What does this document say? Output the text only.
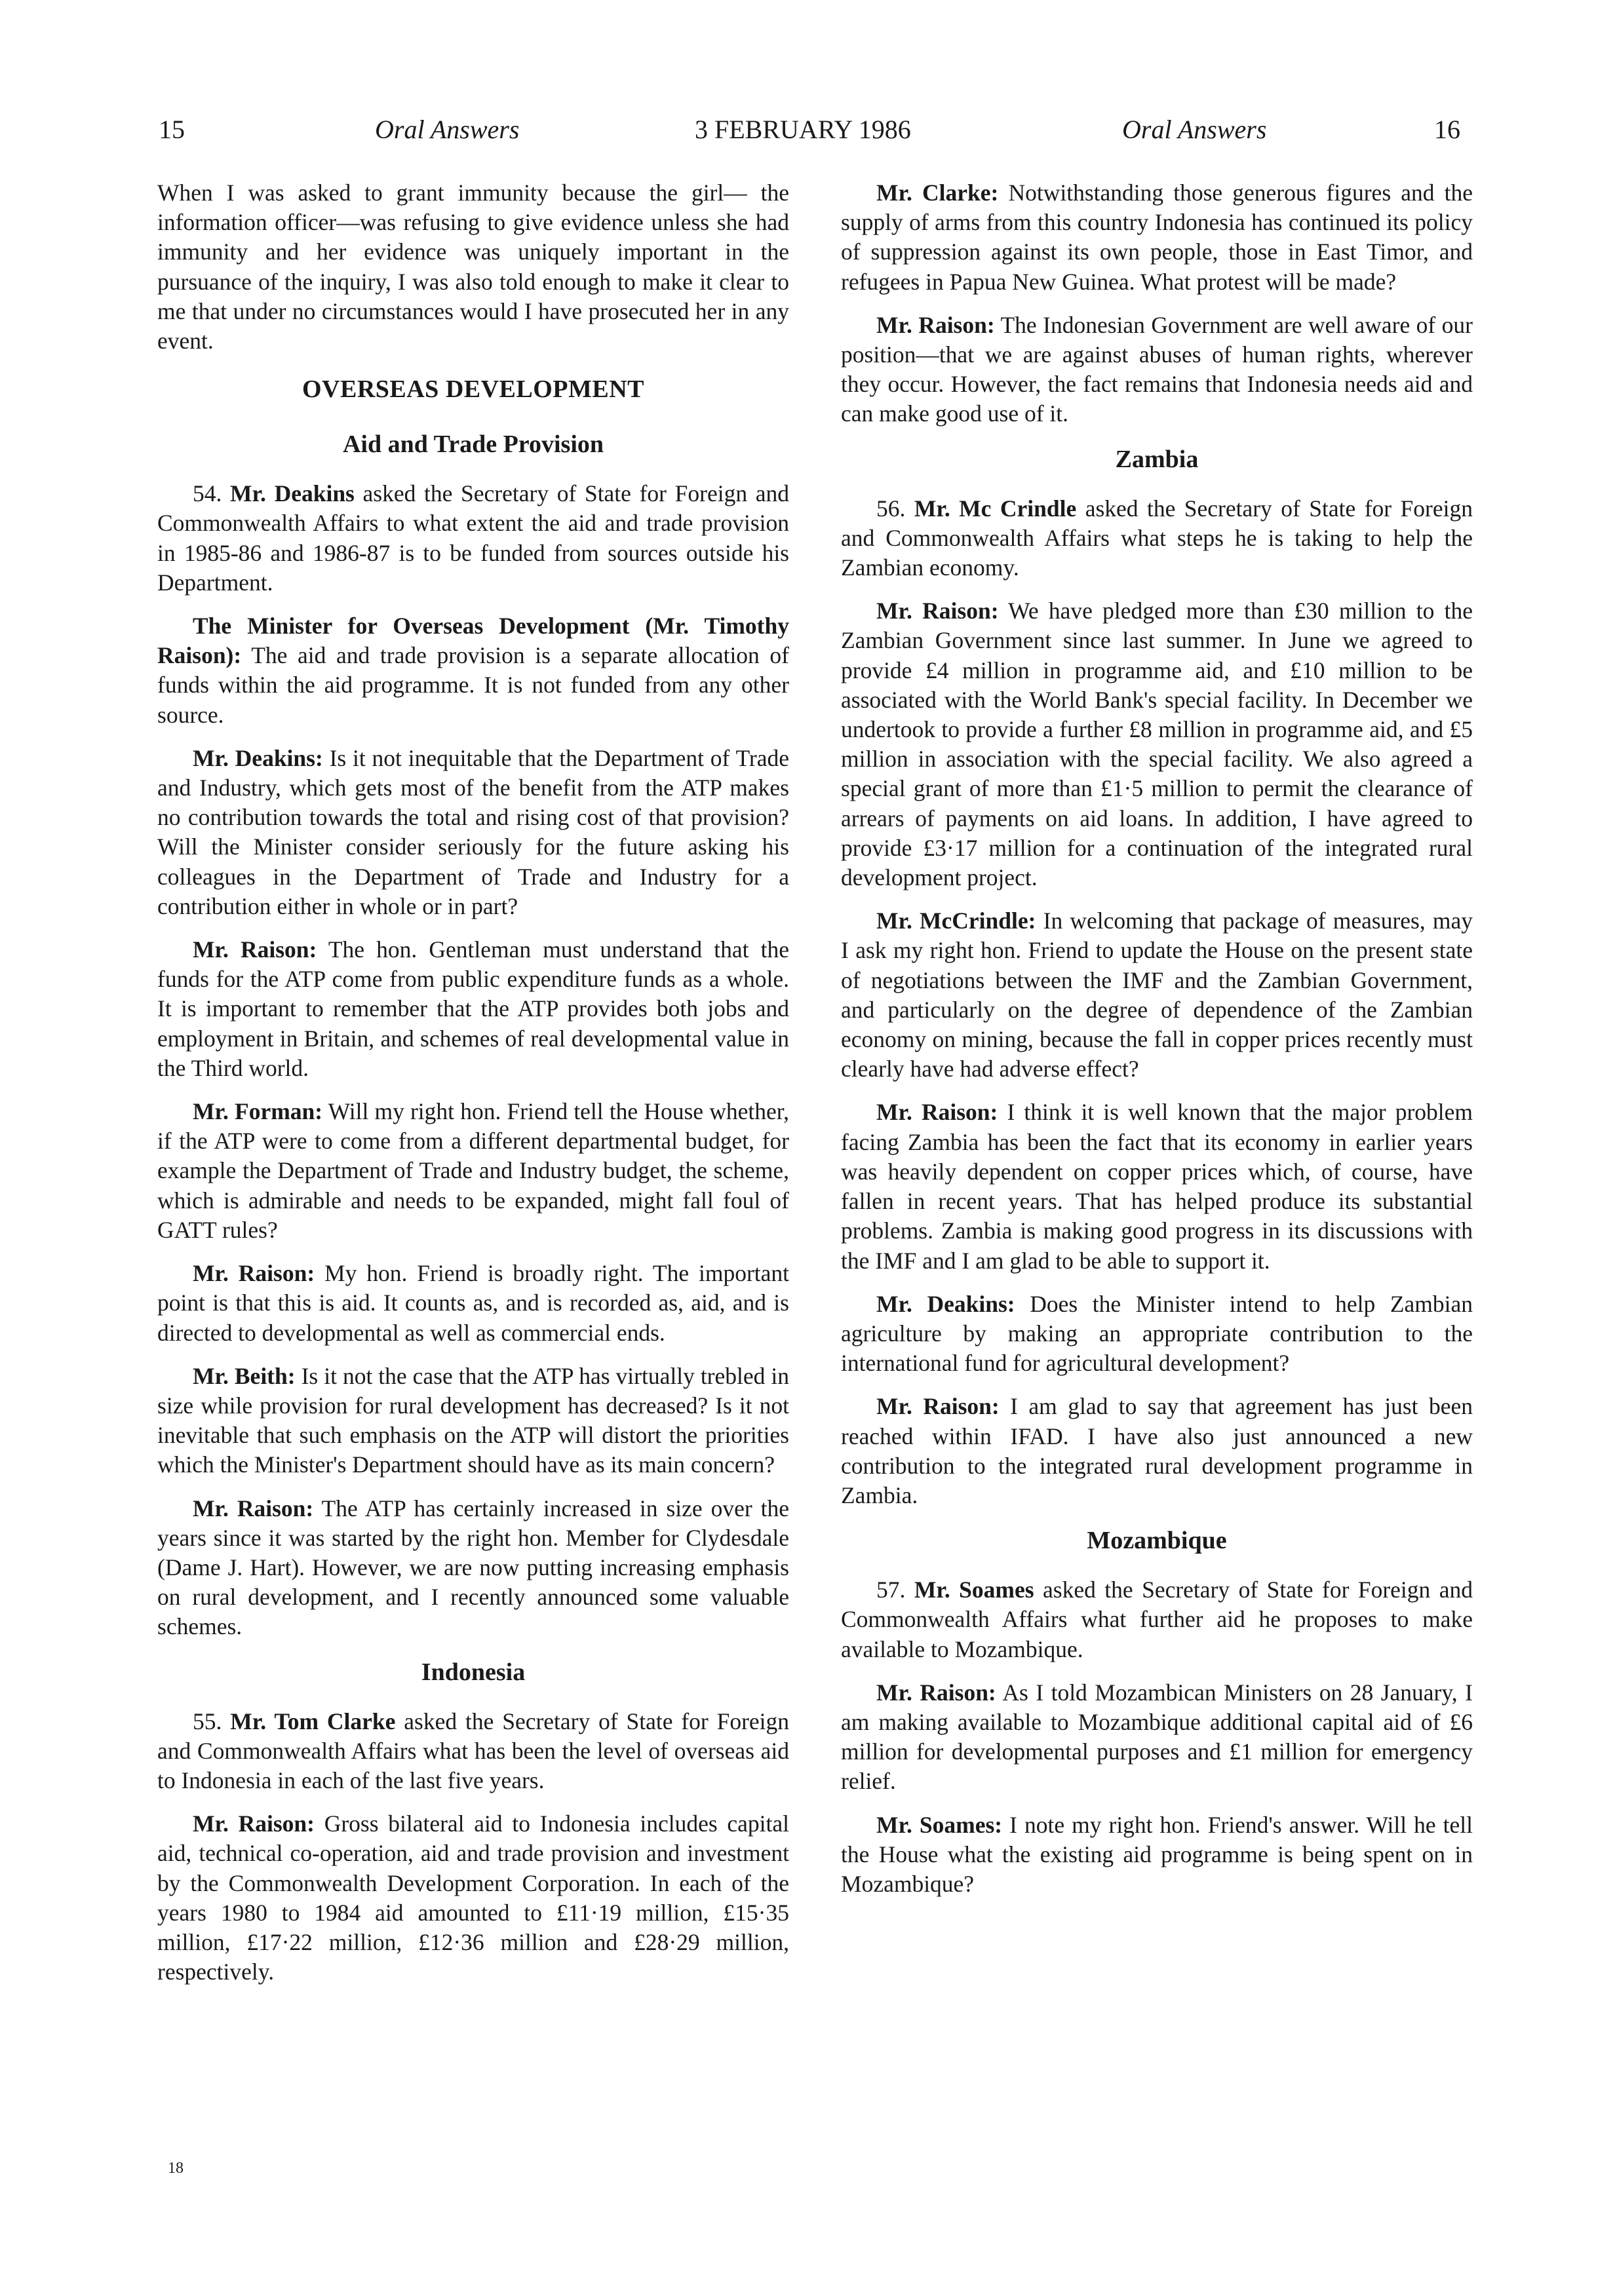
15	Oral Answers	3 FEBRUARY 1986	Oral Answers	16

When I was asked to grant immunity because the girl— the information officer—was refusing to give evidence unless she had immunity and her evidence was uniquely important in the pursuance of the inquiry, I was also told enough to make it clear to me that under no circumstances would I have prosecuted her in any event.

OVERSEAS DEVELOPMENT
Aid and Trade Provision

54. Mr. Deakins asked the Secretary of State for Foreign and Commonwealth Affairs to what extent the aid and trade provision in 1985-86 and 1986-87 is to be funded from sources outside his Department.

The Minister for Overseas Development (Mr. Timothy Raison): The aid and trade provision is a separate allocation of funds within the aid programme. It is not funded from any other source.

Mr. Deakins: Is it not inequitable that the Department of Trade and Industry, which gets most of the benefit from the ATP makes no contribution towards the total and rising cost of that provision? Will the Minister consider seriously for the future asking his colleagues in the Department of Trade and Industry for a contribution either in whole or in part?

Mr. Raison: The hon. Gentleman must understand that the funds for the ATP come from public expenditure funds as a whole. It is important to remember that the ATP provides both jobs and employment in Britain, and schemes of real developmental value in the Third world.

Mr. Forman: Will my right hon. Friend tell the House whether, if the ATP were to come from a different departmental budget, for example the Department of Trade and Industry budget, the scheme, which is admirable and needs to be expanded, might fall foul of GATT rules?

Mr. Raison: My hon. Friend is broadly right. The important point is that this is aid. It counts as, and is recorded as, aid, and is directed to developmental as well as commercial ends.

Mr. Beith: Is it not the case that the ATP has virtually trebled in size while provision for rural development has decreased? Is it not inevitable that such emphasis on the ATP will distort the priorities which the Minister's Department should have as its main concern?

Mr. Raison: The ATP has certainly increased in size over the years since it was started by the right hon. Member for Clydesdale (Dame J. Hart). However, we are now putting increasing emphasis on rural development, and I recently announced some valuable schemes.

Indonesia

55. Mr. Tom Clarke asked the Secretary of State for Foreign and Commonwealth Affairs what has been the level of overseas aid to Indonesia in each of the last five years.

Mr. Raison: Gross bilateral aid to Indonesia includes capital aid, technical co-operation, aid and trade provision and investment by the Commonwealth Development Corporation. In each of the years 1980 to 1984 aid amounted to £11·19 million, £15·35 million, £17·22 million, £12·36 million and £28·29 million, respectively.

Mr. Clarke: Notwithstanding those generous figures and the supply of arms from this country Indonesia has continued its policy of suppression against its own people, those in East Timor, and refugees in Papua New Guinea. What protest will be made?

Mr. Raison: The Indonesian Government are well aware of our position—that we are against abuses of human rights, wherever they occur. However, the fact remains that Indonesia needs aid and can make good use of it.

Zambia

56. Mr. Mc Crindle asked the Secretary of State for Foreign and Commonwealth Affairs what steps he is taking to help the Zambian economy.

Mr. Raison: We have pledged more than £30 million to the Zambian Government since last summer. In June we agreed to provide £4 million in programme aid, and £10 million to be associated with the World Bank's special facility. In December we undertook to provide a further £8 million in programme aid, and £5 million in association with the special facility. We also agreed a special grant of more than £1·5 million to permit the clearance of arrears of payments on aid loans. In addition, I have agreed to provide £3·17 million for a continuation of the integrated rural development project.

Mr. McCrindle: In welcoming that package of measures, may I ask my right hon. Friend to update the House on the present state of negotiations between the IMF and the Zambian Government, and particularly on the degree of dependence of the Zambian economy on mining, because the fall in copper prices recently must clearly have had adverse effect?

Mr. Raison: I think it is well known that the major problem facing Zambia has been the fact that its economy in earlier years was heavily dependent on copper prices which, of course, have fallen in recent years. That has helped produce its substantial problems. Zambia is making good progress in its discussions with the IMF and I am glad to be able to support it.

Mr. Deakins: Does the Minister intend to help Zambian agriculture by making an appropriate contribution to the international fund for agricultural development?

Mr. Raison: I am glad to say that agreement has just been reached within IFAD. I have also just announced a new contribution to the integrated rural development programme in Zambia.

Mozambique

57. Mr. Soames asked the Secretary of State for Foreign and Commonwealth Affairs what further aid he proposes to make available to Mozambique.

Mr. Raison: As I told Mozambican Ministers on 28 January, I am making available to Mozambique additional capital aid of £6 million for developmental purposes and £1 million for emergency relief.

Mr. Soames: I note my right hon. Friend's answer. Will he tell the House what the existing aid programme is being spent on in Mozambique?

18
